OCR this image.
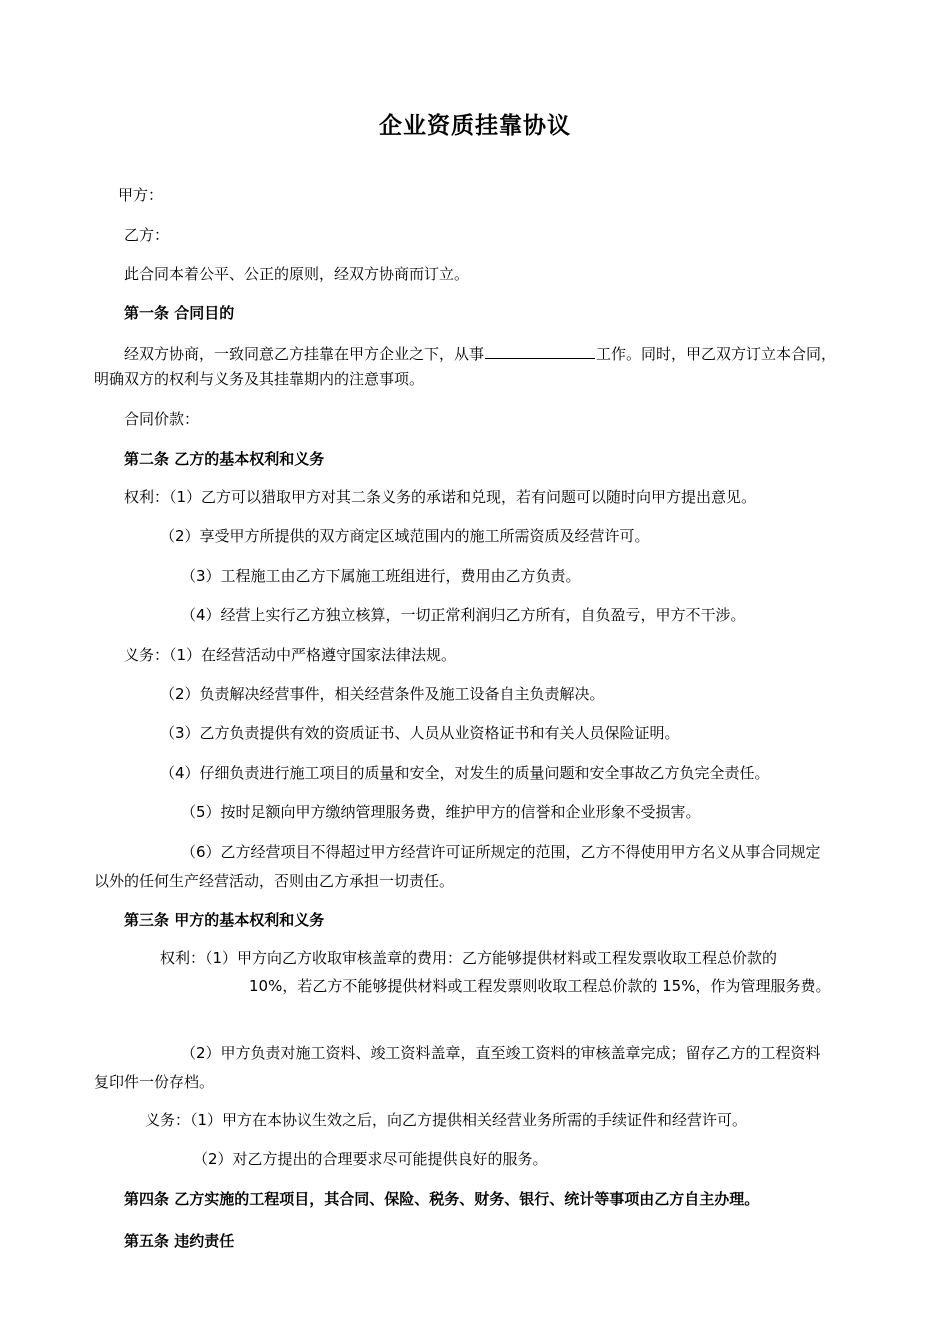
企业资质挂靠协议
甲方：
乙方：
此合同本着公平、公正的原则，经双方协商而订立。
第一条 合同目的
经双方协商，一致同意乙方挂靠在甲方企业之下，从事	工作。同时，甲乙双方订立本合同，
明确双方的权利与义务及其挂靠期内的注意事项。
合同价款：
第二条 乙方的基本权利和义务
权利：（1）乙方可以猎取甲方对其二条义务的承诺和兑现，若有问题可以随时向甲方提出意见。
（2）享受甲方所提供的双方商定区域范围内的施工所需资质及经营许可。
（3）工程施工由乙方下属施工班组进行，费用由乙方负责。
（4）经营上实行乙方独立核算，一切正常利润归乙方所有，自负盈亏，甲方不干涉。
义务：（1）在经营活动中严格遵守国家法律法规。
（2）负责解决经营事件，相关经营条件及施工设备自主负责解决。
（3）乙方负责提供有效的资质证书、人员从业资格证书和有关人员保险证明。
（4）仔细负责进行施工项目的质量和安全，对发生的质量问题和安全事故乙方负完全责任。
（5）按时足额向甲方缴纳管理服务费，维护甲方的信誉和企业形象不受损害。
（6）乙方经营项目不得超过甲方经营许可证所规定的范围，乙方不得使用甲方名义从事合同规定
以外的任何生产经营活动，否则由乙方承担一切责任。
第三条 甲方的基本权利和义务
权利：（1）甲方向乙方收取审核盖章的费用：乙方能够提供材料或工程发票收取工程总价款的
10%，若乙方不能够提供材料或工程发票则收取工程总价款的 15%，作为管理服务费。
（2）甲方负责对施工资料、竣工资料盖章，直至竣工资料的审核盖章完成；留存乙方的工程资料
复印件一份存档。
义务：（1）甲方在本协议生效之后，向乙方提供相关经营业务所需的手续证件和经营许可。
（2）对乙方提出的合理要求尽可能提供良好的服务。
第四条 乙方实施的工程项目，其合同、保险、税务、财务、银行、统计等事项由乙方自主办理。
第五条 违约责任
